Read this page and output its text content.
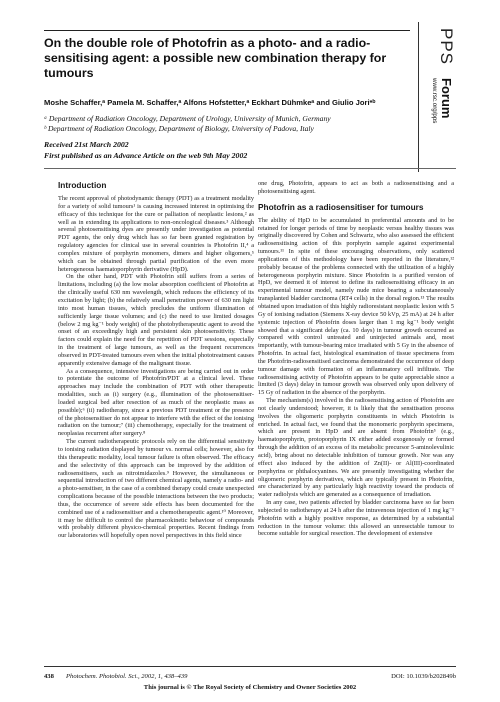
On the double role of Photofrin as a photo- and a radio-sensitising agent: a possible new combination therapy for tumours
PPS
Forum
www.rsc.org/pps
Moshe Schaffer,ᵃ Pamela M. Schaffer,ᵃ Alfons Hofstetter,ᵃ Eckhart Dühmkeᵃ and Giulio Jori*ᵇ
ᵃ Department of Radiation Oncology, Department of Urology, University of Munich, Germany
ᵇ Department of Radiation Oncology, Department of Biology, University of Padova, Italy
Received 21st March 2002
First published as an Advance Article on the web 9th May 2002
Introduction

The recent approval of photodynamic therapy (PDT) as a treatment modality for a variety of solid tumours¹ is causing increased interest in optimising the efficacy of this technique for the cure or palliation of neoplastic lesions,² as well as in extending its applications to non-oncological diseases.³ Although several photosensitising dyes are presently under investigation as potential PDT agents, the only drug which has so far been granted registration by regulatory agencies for clinical use in several countries is Photofrin II,⁴ a complex mixture of porphyrin monomers, dimers and higher oligomers,⁵ which can be obtained through partial purification of the even more heterogeneous haematoporphyrin derivative (HpD).

On the other hand, PDT with Photofrin still suffers from a series of limitations, including (a) the low molar absorption coefficient of Photofrin at the clinically useful 630 nm wavelength, which reduces the efficiency of its excitation by light; (b) the relatively small penetration power of 630 nm light into most human tissues, which precludes the uniform illumination of sufficiently large tissue volumes; and (c) the need to use limited dosages (below 2 mg kg⁻¹ body weight) of the photobytherapeutic agent to avoid the onset of an exceedingly high and persistent skin photosensitivity. These factors could explain the need for the repetition of PDT sessions, especially in the treatment of large tumours, as well as the frequent recurrences observed in PDT-treated tumours even when the initial phototreatment causes apparently extensive damage of the malignant tissue.

As a consequence, intensive investigations are being carried out in order to potentiate the outcome of Photofrin/PDT at a clinical level. These approaches may include the combination of PDT with other therapeutic modalities, such as (i) surgery (e.g., illumination of the photosensitiser-loaded surgical bed after resection of as much of the neoplastic mass as possible);⁶ (ii) radiotherapy, since a previous PDT treatment or the presence of the photosensitiser do not appear to interfere with the effect of the ionising radiation on the tumour;⁷ (iii) chemotherapy, especially for the treatment of neoplasias recurrent after surgery.⁸

The current radiotherapeutic protocols rely on the differential sensitivity to ionising radiation displayed by tumour vs. normal cells; however, also for this therapeutic modality, local tumour failure is often observed. The efficacy and the selectivity of this approach can be improved by the addition of radiosensitisers, such as nitroimidazoles.⁹ However, the simultaneous or sequential introduction of two different chemical agents, namely a radio- and a photo-sensitiser, in the case of a combined therapy could create unexpected complications because of the possible interactions between the two products; thus, the occurrence of severe side effects has been documented for the combined use of a radiosensitiser and a chemotherapeutic agent.¹⁰ Moreover, it may be difficult to control the pharmacokinetic behaviour of compounds with probably different physico-chemical properties. Recent findings from our laboratories will hopefully open novel perspectives in this field since

one drug, Photofrin, appears to act as both a radiosensitising and a photosensitising agent.

Photofrin as a radiosensitiser for tumours

The ability of HpD to be accumulated in preferential amounts and to be retained for longer periods of time by neoplastic versus healthy tissues was originally discovered by Cohen and Schwartz, who also assessed the efficient radiosensitising action of this porphyrin sample against experimental tumours.¹¹ In spite of these encouraging observations, only scattered applications of this methodology have been reported in the literature,¹² probably because of the problems connected with the utilization of a highly heterogeneous porphyrin mixture. Since Photofrin is a purified version of HpD, we deemed it of interest to define its radiosensitising efficacy in an experimental tumour model, namely nude mice bearing a subcutaneously transplanted bladder carcinoma (RT4 cells) in the dorsal region.¹³ The results obtained upon irradiation of this highly radioresistant neoplastic lesion with 5 Gy of ionising radiation (Siemens X-ray device 50 kVp, 25 mA) at 24 h after systemic injection of Photofrin doses larger than 1 mg kg⁻¹ body weight showed that a significant delay (ca. 10 days) in tumour growth occurred as compared with control untreated and uninjected animals and, most importantly, with tumour-bearing mice irradiated with 5 Gy in the absence of Photofrin. In actual fact, histological examination of tissue specimens from the Photofrin-radiosensitised carcinoma demonstrated the occurrence of deep tumour damage with formation of an inflammatory cell infiltrate. The radiosensitising activity of Photofrin appears to be quite appreciable since a limited (3 days) delay in tumour growth was observed only upon delivery of 15 Gy of radiation in the absence of the porphyrin.

The mechanism(s) involved in the radiosensitising action of Photofrin are not clearly understood; however, it is likely that the sensitisation process involves the oligomeric porphyrin constituents in which Photofrin is enriched. In actual fact, we found that the monomeric porphyrin specimens, which are present in HpD and are absent from Photofrin⁵ (e.g., haematoporphyrin, protoporphyrin IX either added exogenously or formed through the addition of an excess of its metabolic precursor 5-aminolevulinic acid), bring about no detectable inhibition of tumour growth. Nor was any effect also induced by the addition of Zn(II)- or Al(III)-coordinated porphyrins or phthalocyanines. We are presently investigating whether the oligomeric porphyrin derivatives, which are typically present in Photofrin, are characterized by any particularly high reactivity toward the products of water radiolysis which are generated as a consequence of irradiation.

In any case, two patients affected by bladder carcinoma have so far been subjected to radiotherapy at 24 h after the intravenous injection of 1 mg kg⁻¹ Photofrin with a highly positive response, as determined by a substantial reduction in the tumour volume: this allowed an unresectable tumour to become suitable for surgical resection. The development of extensive

438 Photochem. Photobiol. Sci., 2002, 1, 438–439	DOI: 10.1039/b202849b
This journal is © The Royal Society of Chemistry and Owner Societies 2002
